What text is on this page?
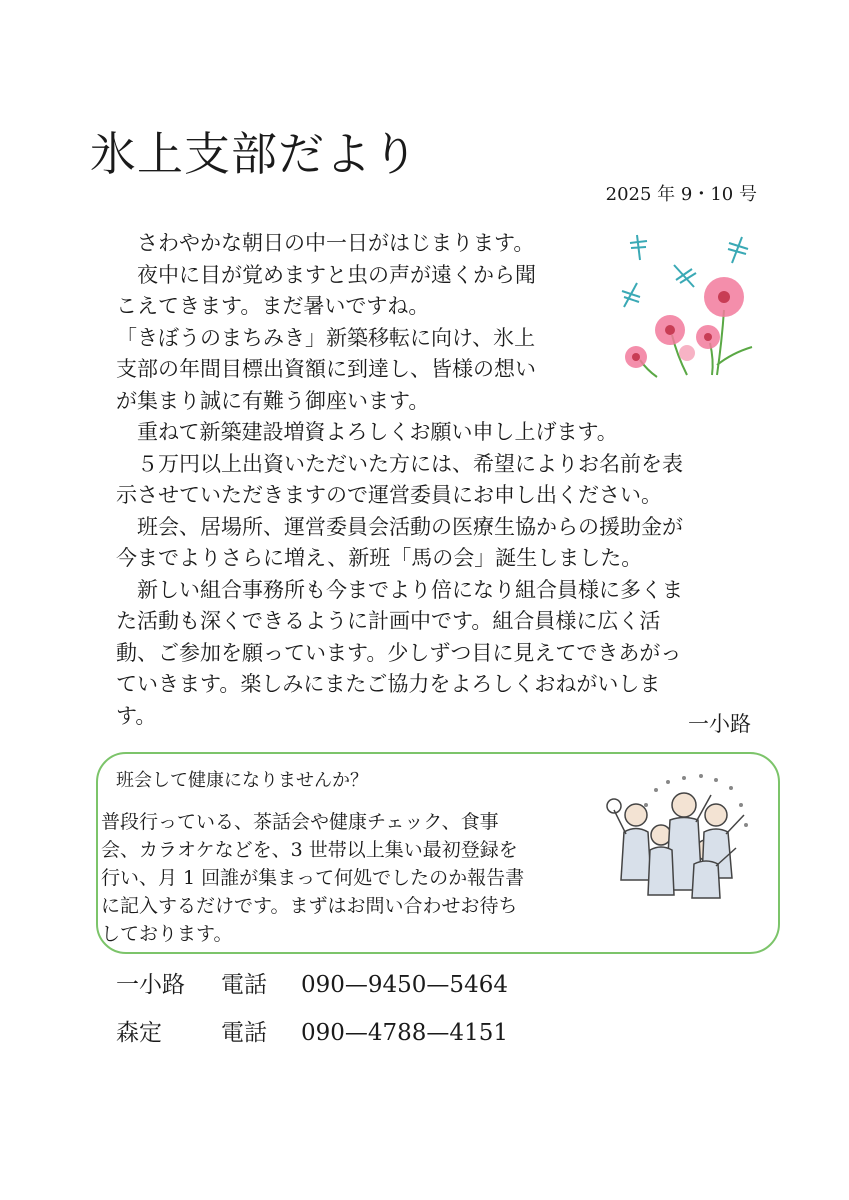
氷上支部だより
2025 年 9・10 号
　さわやかな朝日の中一日がはじまります。
　夜中に目が覚めますと虫の声が遠くから聞
こえてきます。まだ暑いですね。
「きぼうのまちみき」新築移転に向け、氷上
支部の年間目標出資額に到達し、皆様の想い
が集まり誠に有難う御座います。
　重ねて新築建設増資よろしくお願い申し上げます。
　５万円以上出資いただいた方には、希望によりお名前を表
示させていただきますので運営委員にお申し出ください。
　班会、居場所、運営委員会活動の医療生協からの援助金が
今までよりさらに増え、新班「馬の会」誕生しました。
　新しい組合事務所も今までより倍になり組合員様に多くま
た活動も深くできるように計画中です。組合員様に広く活
動、ご参加を願っています。少しずつ目に見えてできあがっ
ていきます。楽しみにまたご協力をよろしくおねがいしま
す。	一小路
班会して健康になりませんか？
普段行っている、茶話会や健康チェック、食事
会、カラオケなどを、3 世帯以上集い最初登録を
行い、月 1 回誰が集まって何処でしたのか報告書
に記入するだけです。まずはお問い合わせお待ち
しております。
一小路 電話 090—9450—5464
森定	電話 090—4788—4151
